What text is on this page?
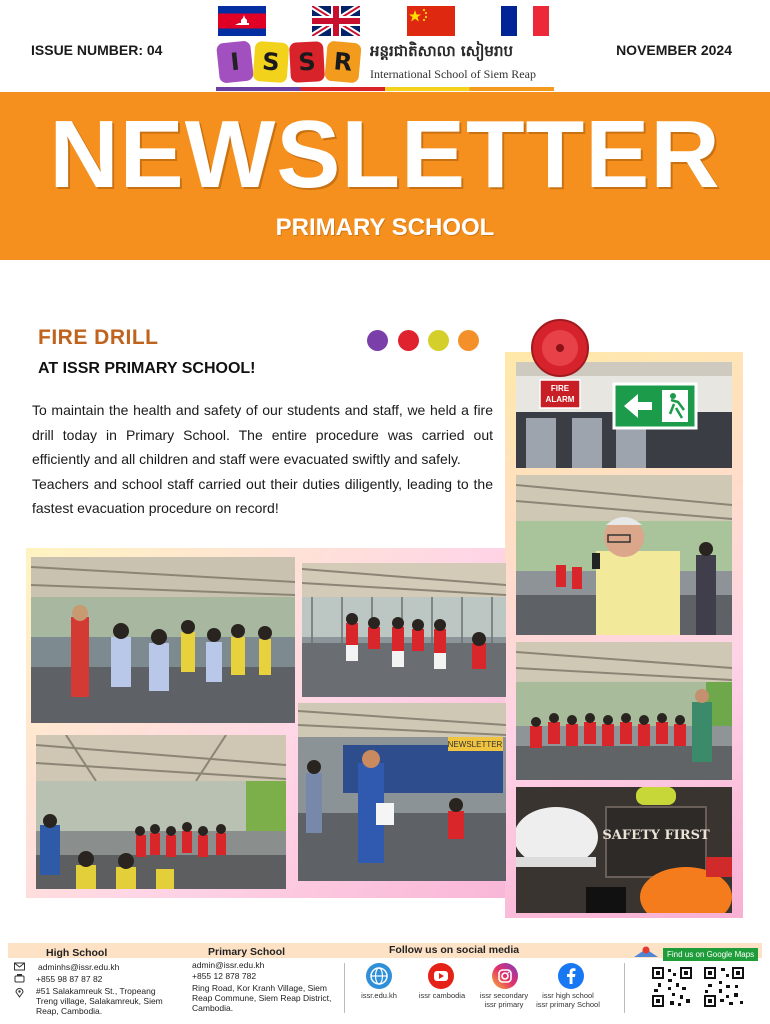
ISSUE NUMBER: 04	NOVEMBER 2024
I S S R	អន្តរជាតិសាលា សៀមរាប
International School of Siem Reap
NEWSLETTER
PRIMARY SCHOOL
FIRE DRILL
AT ISSR PRIMARY SCHOOL!

To maintain the health and safety of our students and staff, we held a fire drill today in Primary School. The entire procedure was carried out efficiently and all children and staff were evacuated swiftly and safely.

Teachers and school staff carried out their duties diligently, leading to the fastest evacuation procedure on record!

NEWSLETTER
SAFETY FIRST
FIRE
ALARM
High School
adminhs@issr.edu.kh
+855 98 87 87 82
#51 Salakamreuk St., Tropeang Treng village, Salakamreuk, Siem Reap, Cambodia.
Primary School
admin@issr.edu.kh
+855 12 878 782
Ring Road, Kor Kranh Village, Siem Reap Commune, Siem Reap District, Cambodia.
Follow us on social media
issr.edu.kh	issr cambodia	issr secondary issr primary
issr high school issr primary School
Find us on Google Maps
